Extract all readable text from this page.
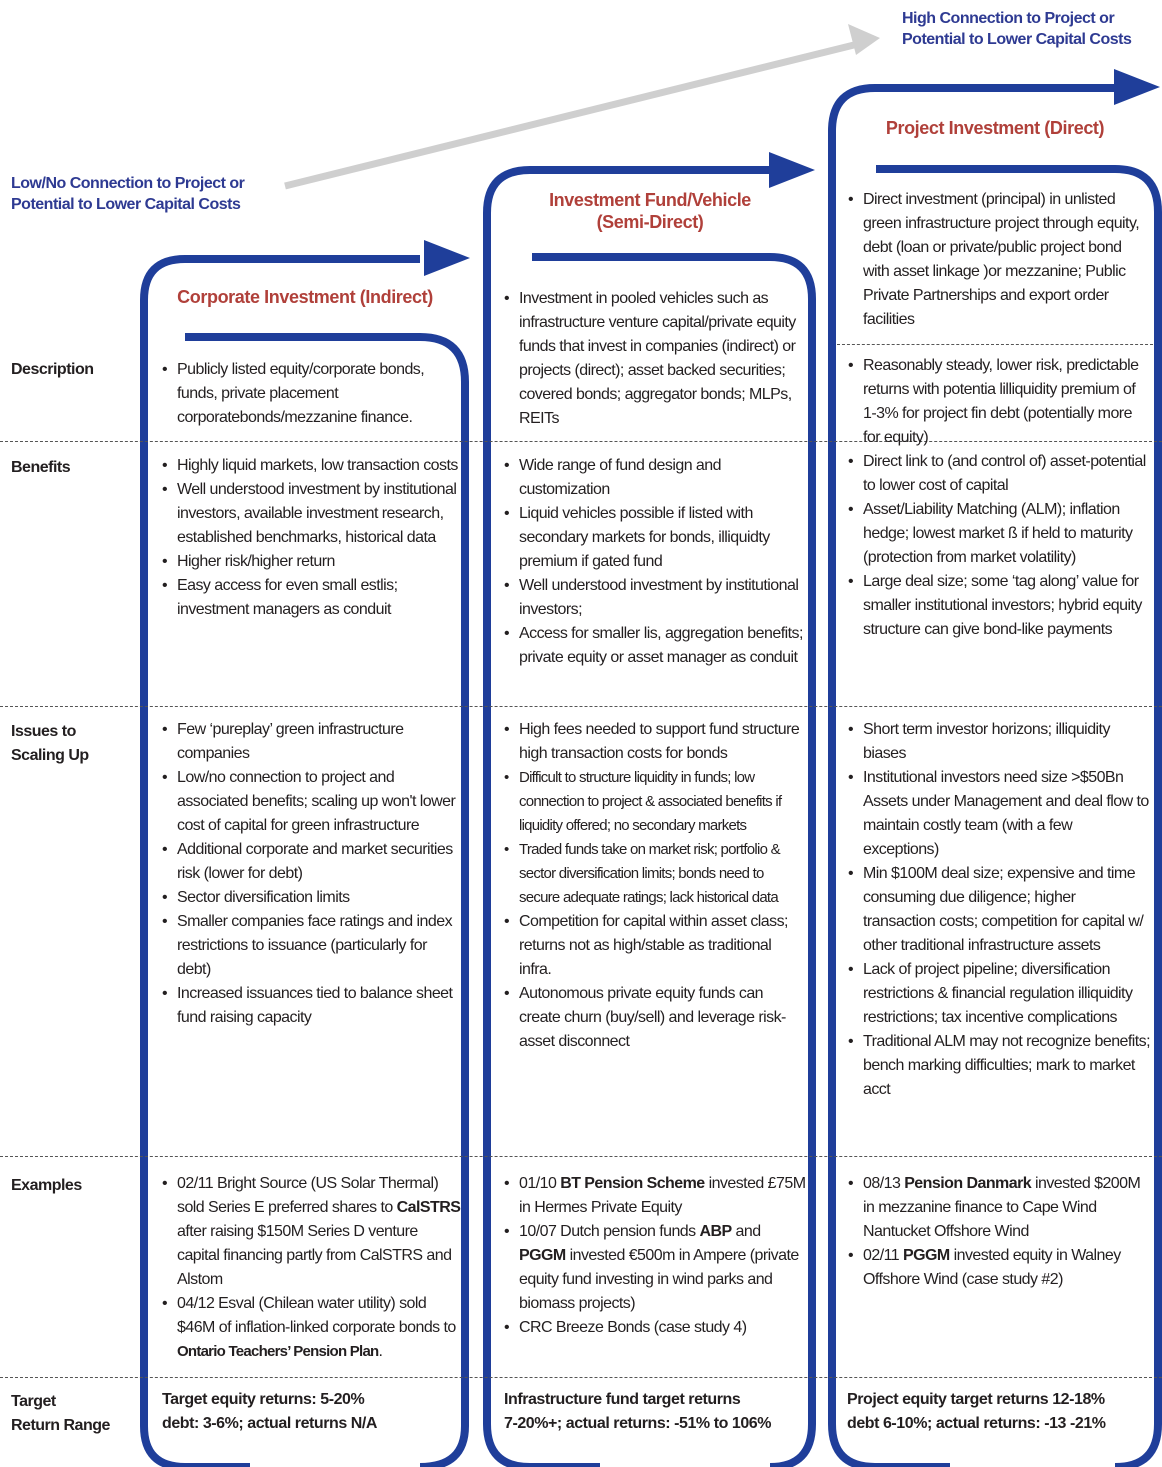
Low/No Connection to Project or
Potential to Lower Capital Costs
High Connection to Project or
Potential to Lower Capital Costs
Corporate Investment (Indirect)
Investment Fund/Vehicle
(Semi-Direct)
Project Investment (Direct)
Description
Benefits
Issues to
Scaling Up
Examples
Target
Return Range
• Publicly listed equity/corporate bonds, funds, private placement corporatebonds/mezzanine finance.
• Investment in pooled vehicles such as infrastructure venture capital/private equity funds that invest in companies (indirect) or projects (direct); asset backed securities; covered bonds; aggregator bonds; MLPs, REITs
• Direct investment (principal) in unlisted green infrastructure project through equity, debt (loan or private/public project bond with asset linkage )or mezzanine; Public Private Partnerships and export order facilities
• Highly liquid markets, low transaction costs
• Well understood investment by institutional investors, available investment research, established benchmarks, historical data
• Higher risk/higher return
• Easy access for even small estlis; investment managers as conduit
• Wide range of fund design and customization
• Liquid vehicles possible if listed with secondary markets for bonds, illiquidty premium if gated fund
• Well understood investment by institutional investors;
• Access for smaller lis, aggregation benefits; private equity or asset manager as conduit
• Reasonably steady, lower risk, predictable returns with potentia lilliquidity premium of 1-3% for project fin debt (potentially more for equity)
• Direct link to (and control of) asset-potential to lower cost of capital
• Asset/Liability Matching (ALM); inflation hedge; lowest market ß if held to maturity (protection from market volatility)
• Large deal size; some ‘tag along’ value for smaller institutional investors; hybrid equity structure can give bond-like payments
• Few ‘pureplay’ green infrastructure companies
• Low/no connection to project and associated benefits; scaling up won't lower cost of capital for green infrastructure
• Additional corporate and market securities risk (lower for debt)
• Sector diversification limits
• Smaller companies face ratings and index restrictions to issuance (particularly for debt)
• Increased issuances tied to balance sheet fund raising capacity
• High fees needed to support fund structure high transaction costs for bonds
• Difficult to structure liquidity in funds; low connection to project & associated benefits if liquidity offered; no secondary markets
• Traded funds take on market risk; portfolio & sector diversification limits; bonds need to secure adequate ratings; lack historical data
• Competition for capital within asset class; returns not as high/stable as traditional infra.
• Autonomous private equity funds can create churn (buy/sell) and leverage risk-asset disconnect
• Short term investor horizons; illiquidity biases
• Institutional investors need size >$50Bn Assets under Management and deal flow to maintain costly team (with a few exceptions)
• Min $100M deal size; expensive and time consuming due diligence; higher transaction costs; competition for capital w/ other traditional infrastructure assets
• Lack of project pipeline; diversification restrictions & financial regulation illiquidity restrictions; tax incentive complications
• Traditional ALM may not recognize benefits; bench marking difficulties; mark to market acct
• 02/11 Bright Source (US Solar Thermal) sold Series E preferred shares to CalSTRS after raising $150M Series D venture capital financing partly from CalSTRS and Alstom
• 04/12 Esval (Chilean water utility) sold $46M of inflation-linked corporate bonds to Ontario Teachers’ Pension Plan.
• 01/10 BT Pension Scheme invested £75M in Hermes Private Equity
• 10/07 Dutch pension funds ABP and PGGM invested €500m in Ampere (private equity fund investing in wind parks and biomass projects)
• CRC Breeze Bonds (case study 4)
• 08/13 Pension Danmark invested $200M in mezzanine finance to Cape Wind Nantucket Offshore Wind
• 02/11 PGGM invested equity in Walney Offshore Wind (case study #2)
Target equity returns: 5-20%
debt: 3-6%; actual returns N/A
Infrastructure fund target returns
7-20%+; actual returns: -51% to 106%
Project equity target returns 12-18%
debt 6-10%; actual returns: -13 -21%
